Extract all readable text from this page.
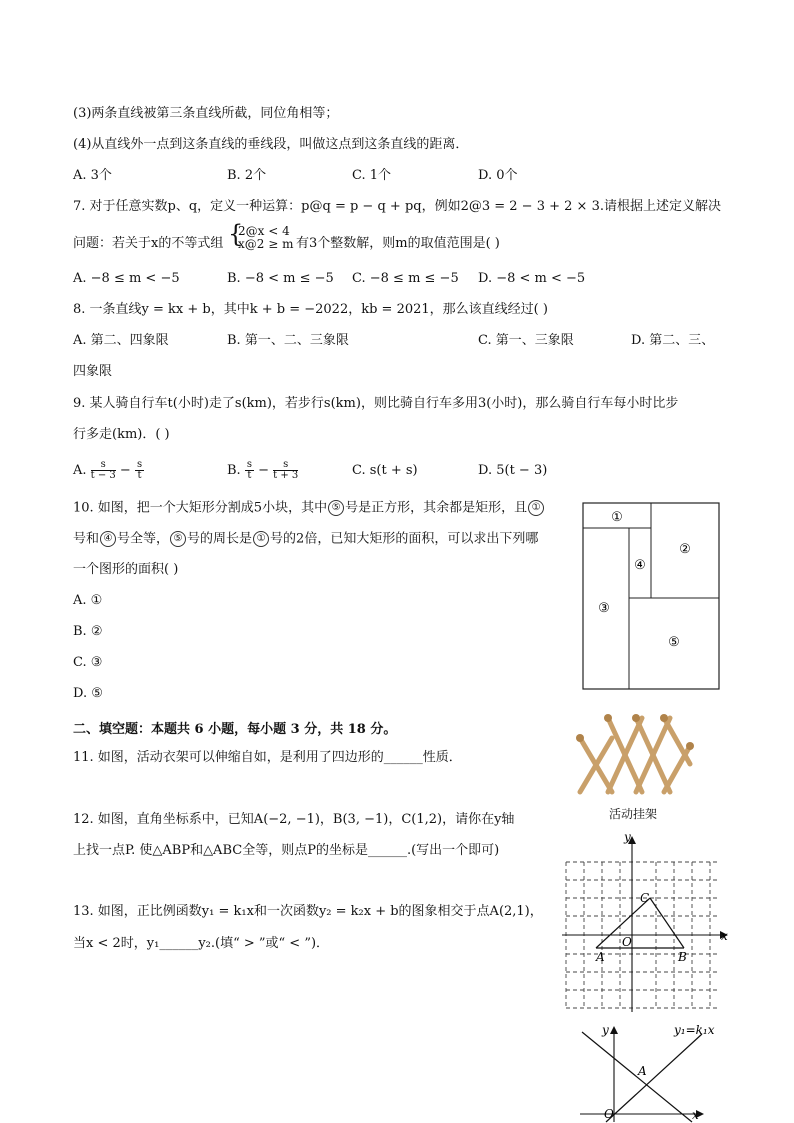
(3)两条直线被第三条直线所截，同位角相等；
(4)从直线外一点到这条直线的垂线段，叫做这点到这条直线的距离．
A. 3个	B. 2个	C. 1个	D. 0个
7. 对于任意实数p、q，定义一种运算：p@q = p − q + pq，例如2@3 = 2 − 3 + 2 × 3.请根据上述定义解决
问题：若关于x的不等式组 {
2@x < 4
x@2 ≥ m 有3个整数解，则m的取值范围是( )
A. −8 ≤ m < −5	B. −8 < m ≤ −5 C. −8 ≤ m ≤ −5 D. −8 < m < −5
8. 一条直线y = kx + b，其中k + b = −2022，kb = 2021，那么该直线经过( )
A. 第二、四象限	B. 第一、二、三象限	C. 第一、三象限	D. 第二、三、
四象限
9. 某人骑自行车t(小时)走了s(km)，若步行s(km)，则比骑自行车多用3(小时)，那么骑自行车每小时比步
行多走(km)．( )
A. $\frac{s}{t - 3} - \frac{s}{t}$	B. $\frac{s}{t} - \frac{s}{t + 3}$	C. s(t + s)	D. 5(t − 3)
10. 如图，把一个大矩形分割成5小块，其中 ⑤ 号是正方形，其余都是矩形，且 ①
号和 ④ 号全等， ⑤ 号的周长是 ① 号的2倍，已知大矩形的面积，可以求出下列哪
一个图形的面积( )
A. ①
B. ②
C. ③
D. ⑤
二、填空题：本题共 6 小题，每小题 3 分，共 18 分。
11. 如图，活动衣架可以伸缩自如，是利用了四边形的______性质．
12. 如图，直角坐标系中，已知A(−2, −1)，B(3, −1)，C(1,2)，请你在y轴
上找一点P. 使△ABP和△ABC全等，则点P的坐标是______.(写出一个即可)
13. 如图，正比例函数y₁ = k₁x和一次函数y₂ = k₂x + b的图象相交于点A(2,1)，
当x < 2时，y₁______y₂.(填“ > ”或“ < ”)．
①
②
③
④
⑤
活动挂架
y
x
C
O
A	B
y
x
O
A
y₁=k₁x
